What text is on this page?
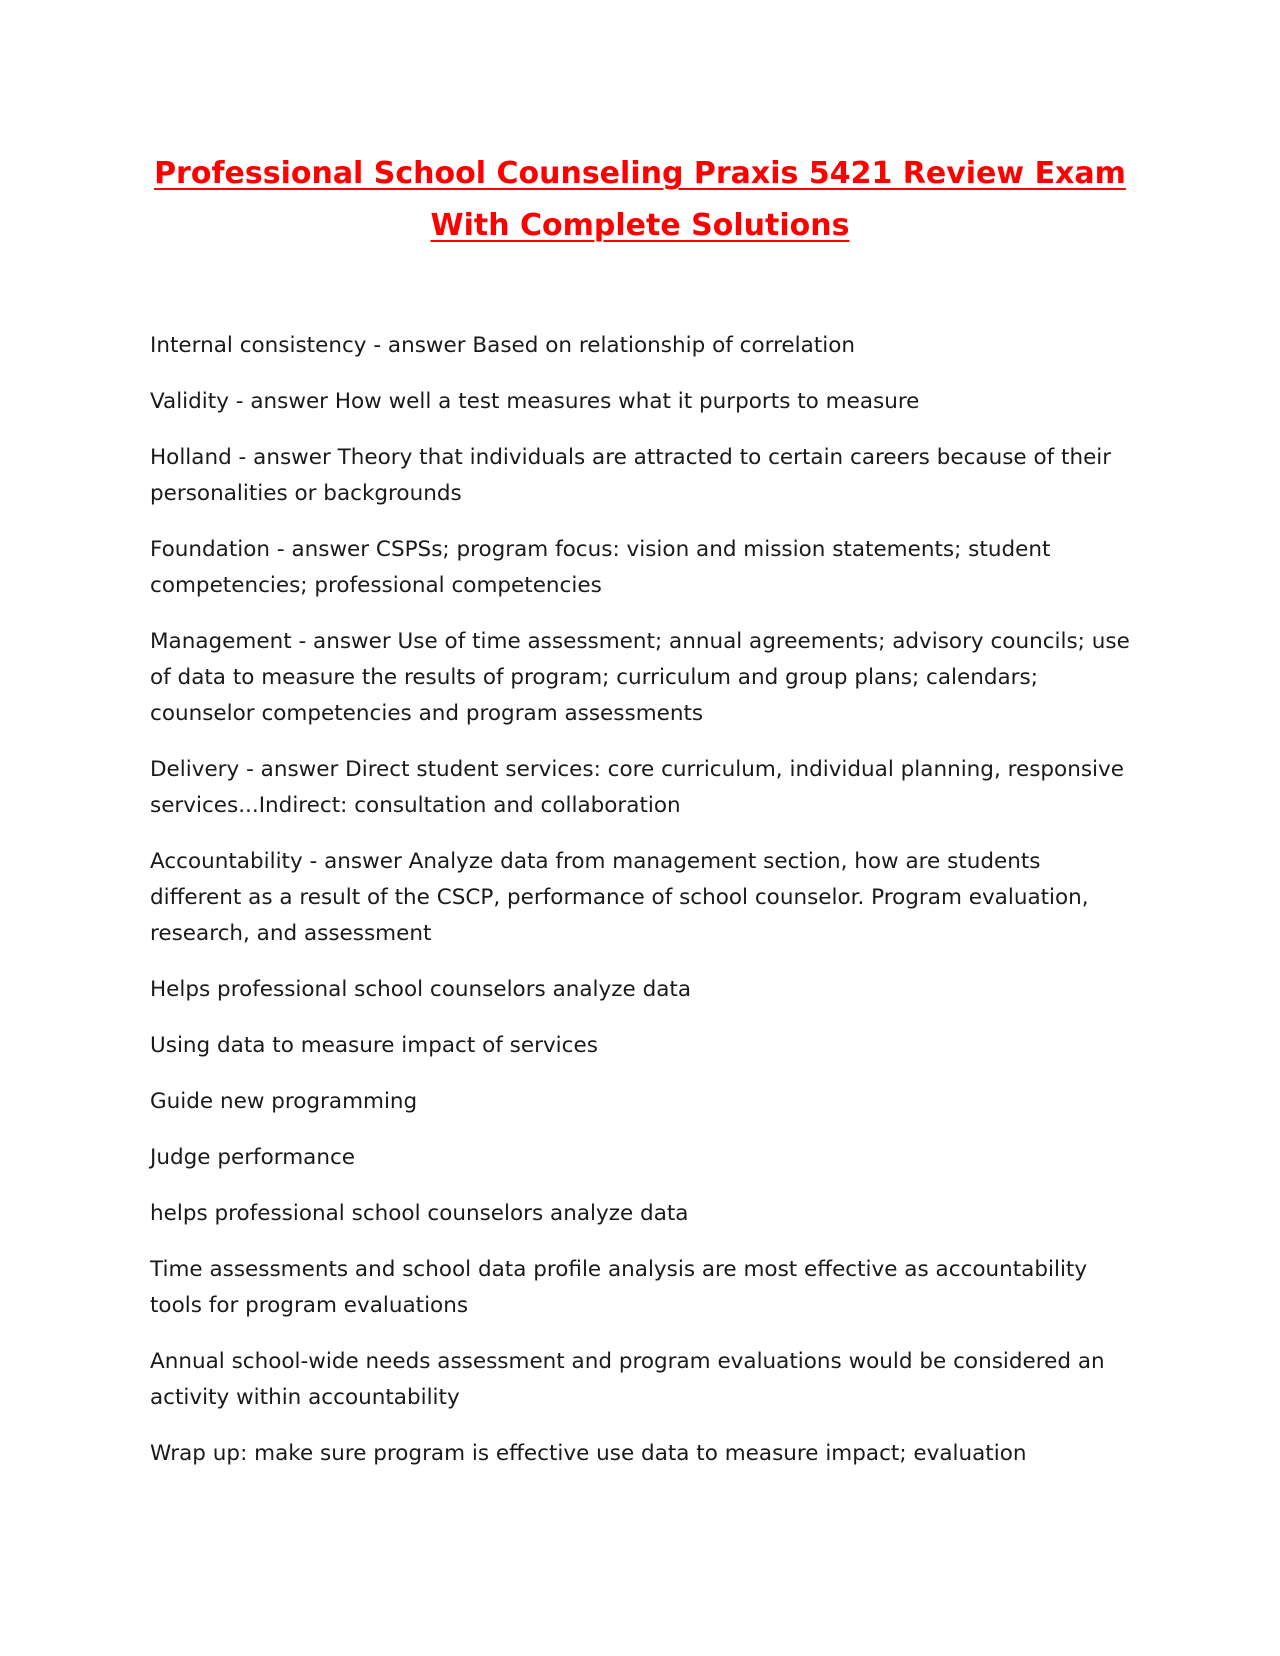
Professional School Counseling Praxis 5421 Review Exam
With Complete Solutions

Internal consistency - answer Based on relationship of correlation

Validity - answer How well a test measures what it purports to measure

Holland - answer Theory that individuals are attracted to certain careers because of their personalities or backgrounds

Foundation - answer CSPSs; program focus: vision and mission statements; student competencies; professional competencies

Management - answer Use of time assessment; annual agreements; advisory councils; use of data to measure the results of program; curriculum and group plans; calendars; counselor competencies and program assessments

Delivery - answer Direct student services: core curriculum, individual planning, responsive services...Indirect: consultation and collaboration

Accountability - answer Analyze data from management section, how are students different as a result of the CSCP, performance of school counselor. Program evaluation, research, and assessment

Helps professional school counselors analyze data

Using data to measure impact of services

Guide new programming

Judge performance

helps professional school counselors analyze data

Time assessments and school data profile analysis are most effective as accountability tools for program evaluations

Annual school-wide needs assessment and program evaluations would be considered an activity within accountability

Wrap up: make sure program is effective use data to measure impact; evaluation
